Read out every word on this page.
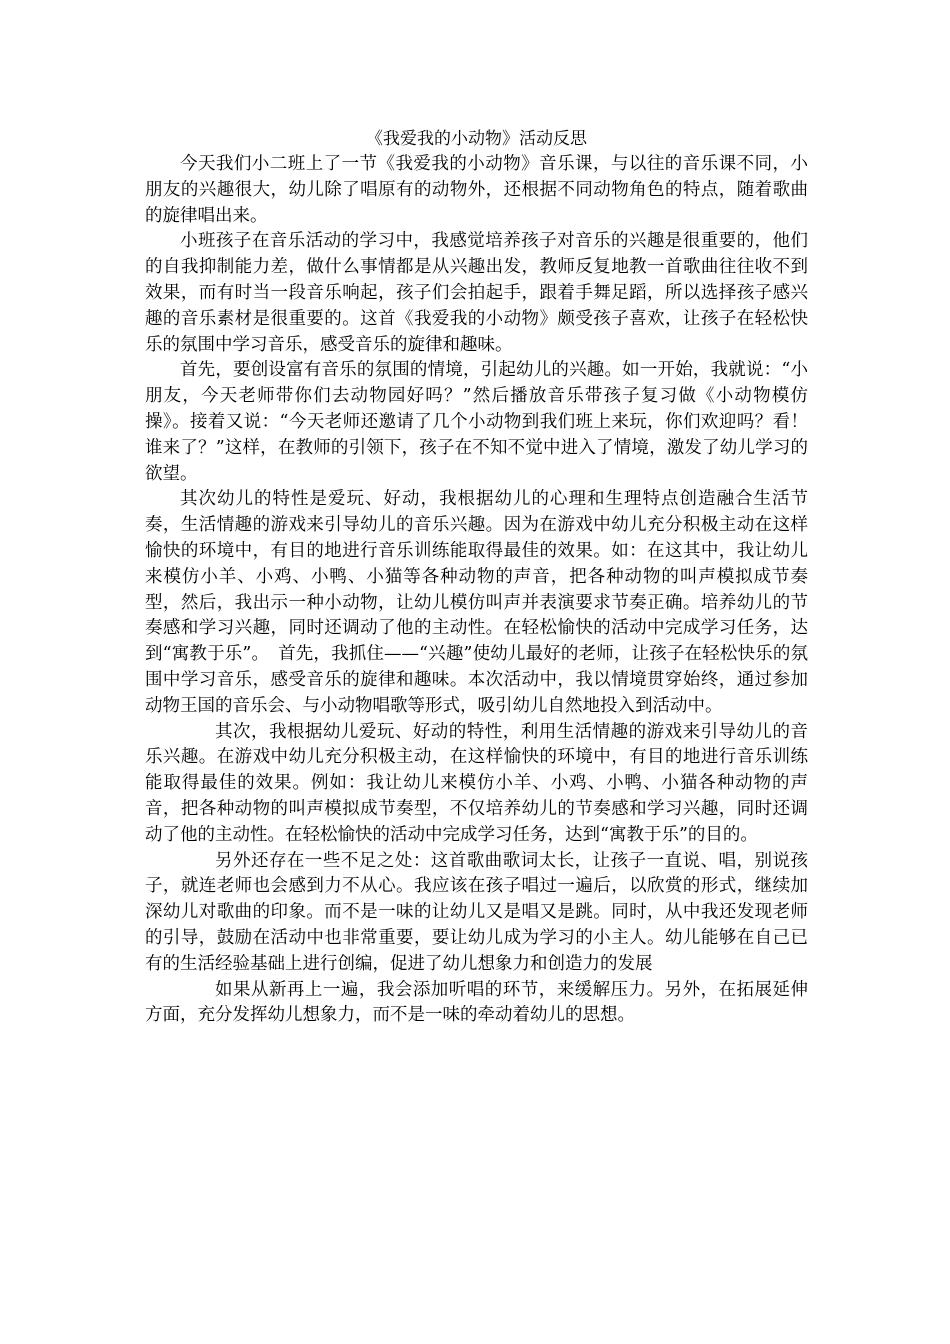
《我爱我的小动物》活动反思

今天我们小二班上了一节《我爱我的小动物》音乐课，与以往的音乐课不同，小朋友的兴趣很大，幼儿除了唱原有的动物外，还根据不同动物角色的特点，随着歌曲的旋律唱出来。

小班孩子在音乐活动的学习中，我感觉培养孩子对音乐的兴趣是很重要的，他们的自我抑制能力差，做什么事情都是从兴趣出发，教师反复地教一首歌曲往往收不到效果，而有时当一段音乐响起，孩子们会拍起手，跟着手舞足蹈，所以选择孩子感兴趣的音乐素材是很重要的。这首《我爱我的小动物》颇受孩子喜欢，让孩子在轻松快乐的氛围中学习音乐，感受音乐的旋律和趣味。

首先，要创设富有音乐的氛围的情境，引起幼儿的兴趣。如一开始，我就说：“小朋友，今天老师带你们去动物园好吗？”然后播放音乐带孩子复习做《小动物模仿操》。接着又说：“今天老师还邀请了几个小动物到我们班上来玩，你们欢迎吗？看！谁来了？”这样，在教师的引领下，孩子在不知不觉中进入了情境，激发了幼儿学习的欲望。

其次幼儿的特性是爱玩、好动，我根据幼儿的心理和生理特点创造融合生活节奏，生活情趣的游戏来引导幼儿的音乐兴趣。因为在游戏中幼儿充分积极主动在这样愉快的环境中，有目的地进行音乐训练能取得最佳的效果。如：在这其中，我让幼儿来模仿小羊、小鸡、小鸭、小猫等各种动物的声音，把各种动物的叫声模拟成节奏型，然后，我出示一种小动物，让幼儿模仿叫声并表演要求节奏正确。培养幼儿的节奏感和学习兴趣，同时还调动了他的主动性。在轻松愉快的活动中完成学习任务，达到“寓教于乐”。　首先，我抓住——“兴趣”使幼儿最好的老师，让孩子在轻松快乐的氛围中学习音乐，感受音乐的旋律和趣味。本次活动中，我以情境贯穿始终，通过参加动物王国的音乐会、与小动物唱歌等形式，吸引幼儿自然地投入到活动中。

其次，我根据幼儿爱玩、好动的特性，利用生活情趣的游戏来引导幼儿的音乐兴趣。在游戏中幼儿充分积极主动，在这样愉快的环境中，有目的地进行音乐训练能取得最佳的效果。例如：我让幼儿来模仿小羊、小鸡、小鸭、小猫各种动物的声音，把各种动物的叫声模拟成节奏型，不仅培养幼儿的节奏感和学习兴趣，同时还调动了他的主动性。在轻松愉快的活动中完成学习任务，达到“寓教于乐”的目的。

另外还存在一些不足之处：这首歌曲歌词太长，让孩子一直说、唱，别说孩子，就连老师也会感到力不从心。我应该在孩子唱过一遍后，以欣赏的形式，继续加深幼儿对歌曲的印象。而不是一味的让幼儿又是唱又是跳。同时，从中我还发现老师的引导，鼓励在活动中也非常重要，要让幼儿成为学习的小主人。幼儿能够在自己已有的生活经验基础上进行创编，促进了幼儿想象力和创造力的发展

如果从新再上一遍，我会添加听唱的环节，来缓解压力。另外，在拓展延伸方面，充分发挥幼儿想象力，而不是一味的牵动着幼儿的思想。
